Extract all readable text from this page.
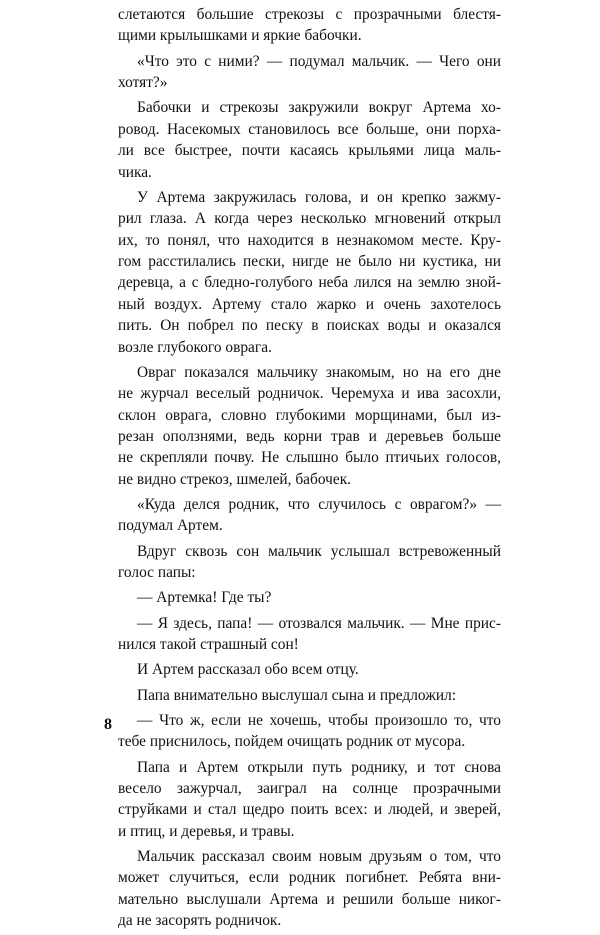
слетаются большие стрекозы с прозрачными блестя-
щими крылышками и яркие бабочки.
«Что это с ними? — подумал мальчик. — Чего они
хотят?»
Бабочки и стрекозы закружили вокруг Артема хо-
ровод. Насекомых становилось все больше, они порха-
ли все быстрее, почти касаясь крыльями лица маль-
чика.
У Артема закружилась голова, и он крепко зажму-
рил глаза. А когда через несколько мгновений открыл
их, то понял, что находится в незнакомом месте. Кру-
гом расстилались пески, нигде не было ни кустика, ни
деревца, а с бледно-голубого неба лился на землю зной-
ный воздух. Артему стало жарко и очень захотелось
пить. Он побрел по песку в поисках воды и оказался
возле глубокого оврага.
Овраг показался мальчику знакомым, но на его дне
не журчал веселый родничок. Черемуха и ива засохли,
склон оврага, словно глубокими морщинами, был из-
резан оползнями, ведь корни трав и деревьев больше
не скрепляли почву. Не слышно было птичьих голосов,
не видно стрекоз, шмелей, бабочек.
«Куда делся родник, что случилось с оврагом?» —
подумал Артем.
Вдруг сквозь сон мальчик услышал встревоженный
голос папы:
— Артемка! Где ты?
— Я здесь, папа! — отозвался мальчик. — Мне прис-
нился такой страшный сон!
И Артем рассказал обо всем отцу.
Папа внимательно выслушал сына и предложил:
— Что ж, если не хочешь, чтобы произошло то, что
тебе приснилось, пойдем очищать родник от мусора.
Папа и Артем открыли путь роднику, и тот снова
весело зажурчал, заиграл на солнце прозрачными
струйками и стал щедро поить всех: и людей, и зверей,
и птиц, и деревья, и травы.
Мальчик рассказал своим новым друзьям о том, что
может случиться, если родник погибнет. Ребята вни-
мательно выслушали Артема и решили больше никог-
да не засорять родничок.
8
